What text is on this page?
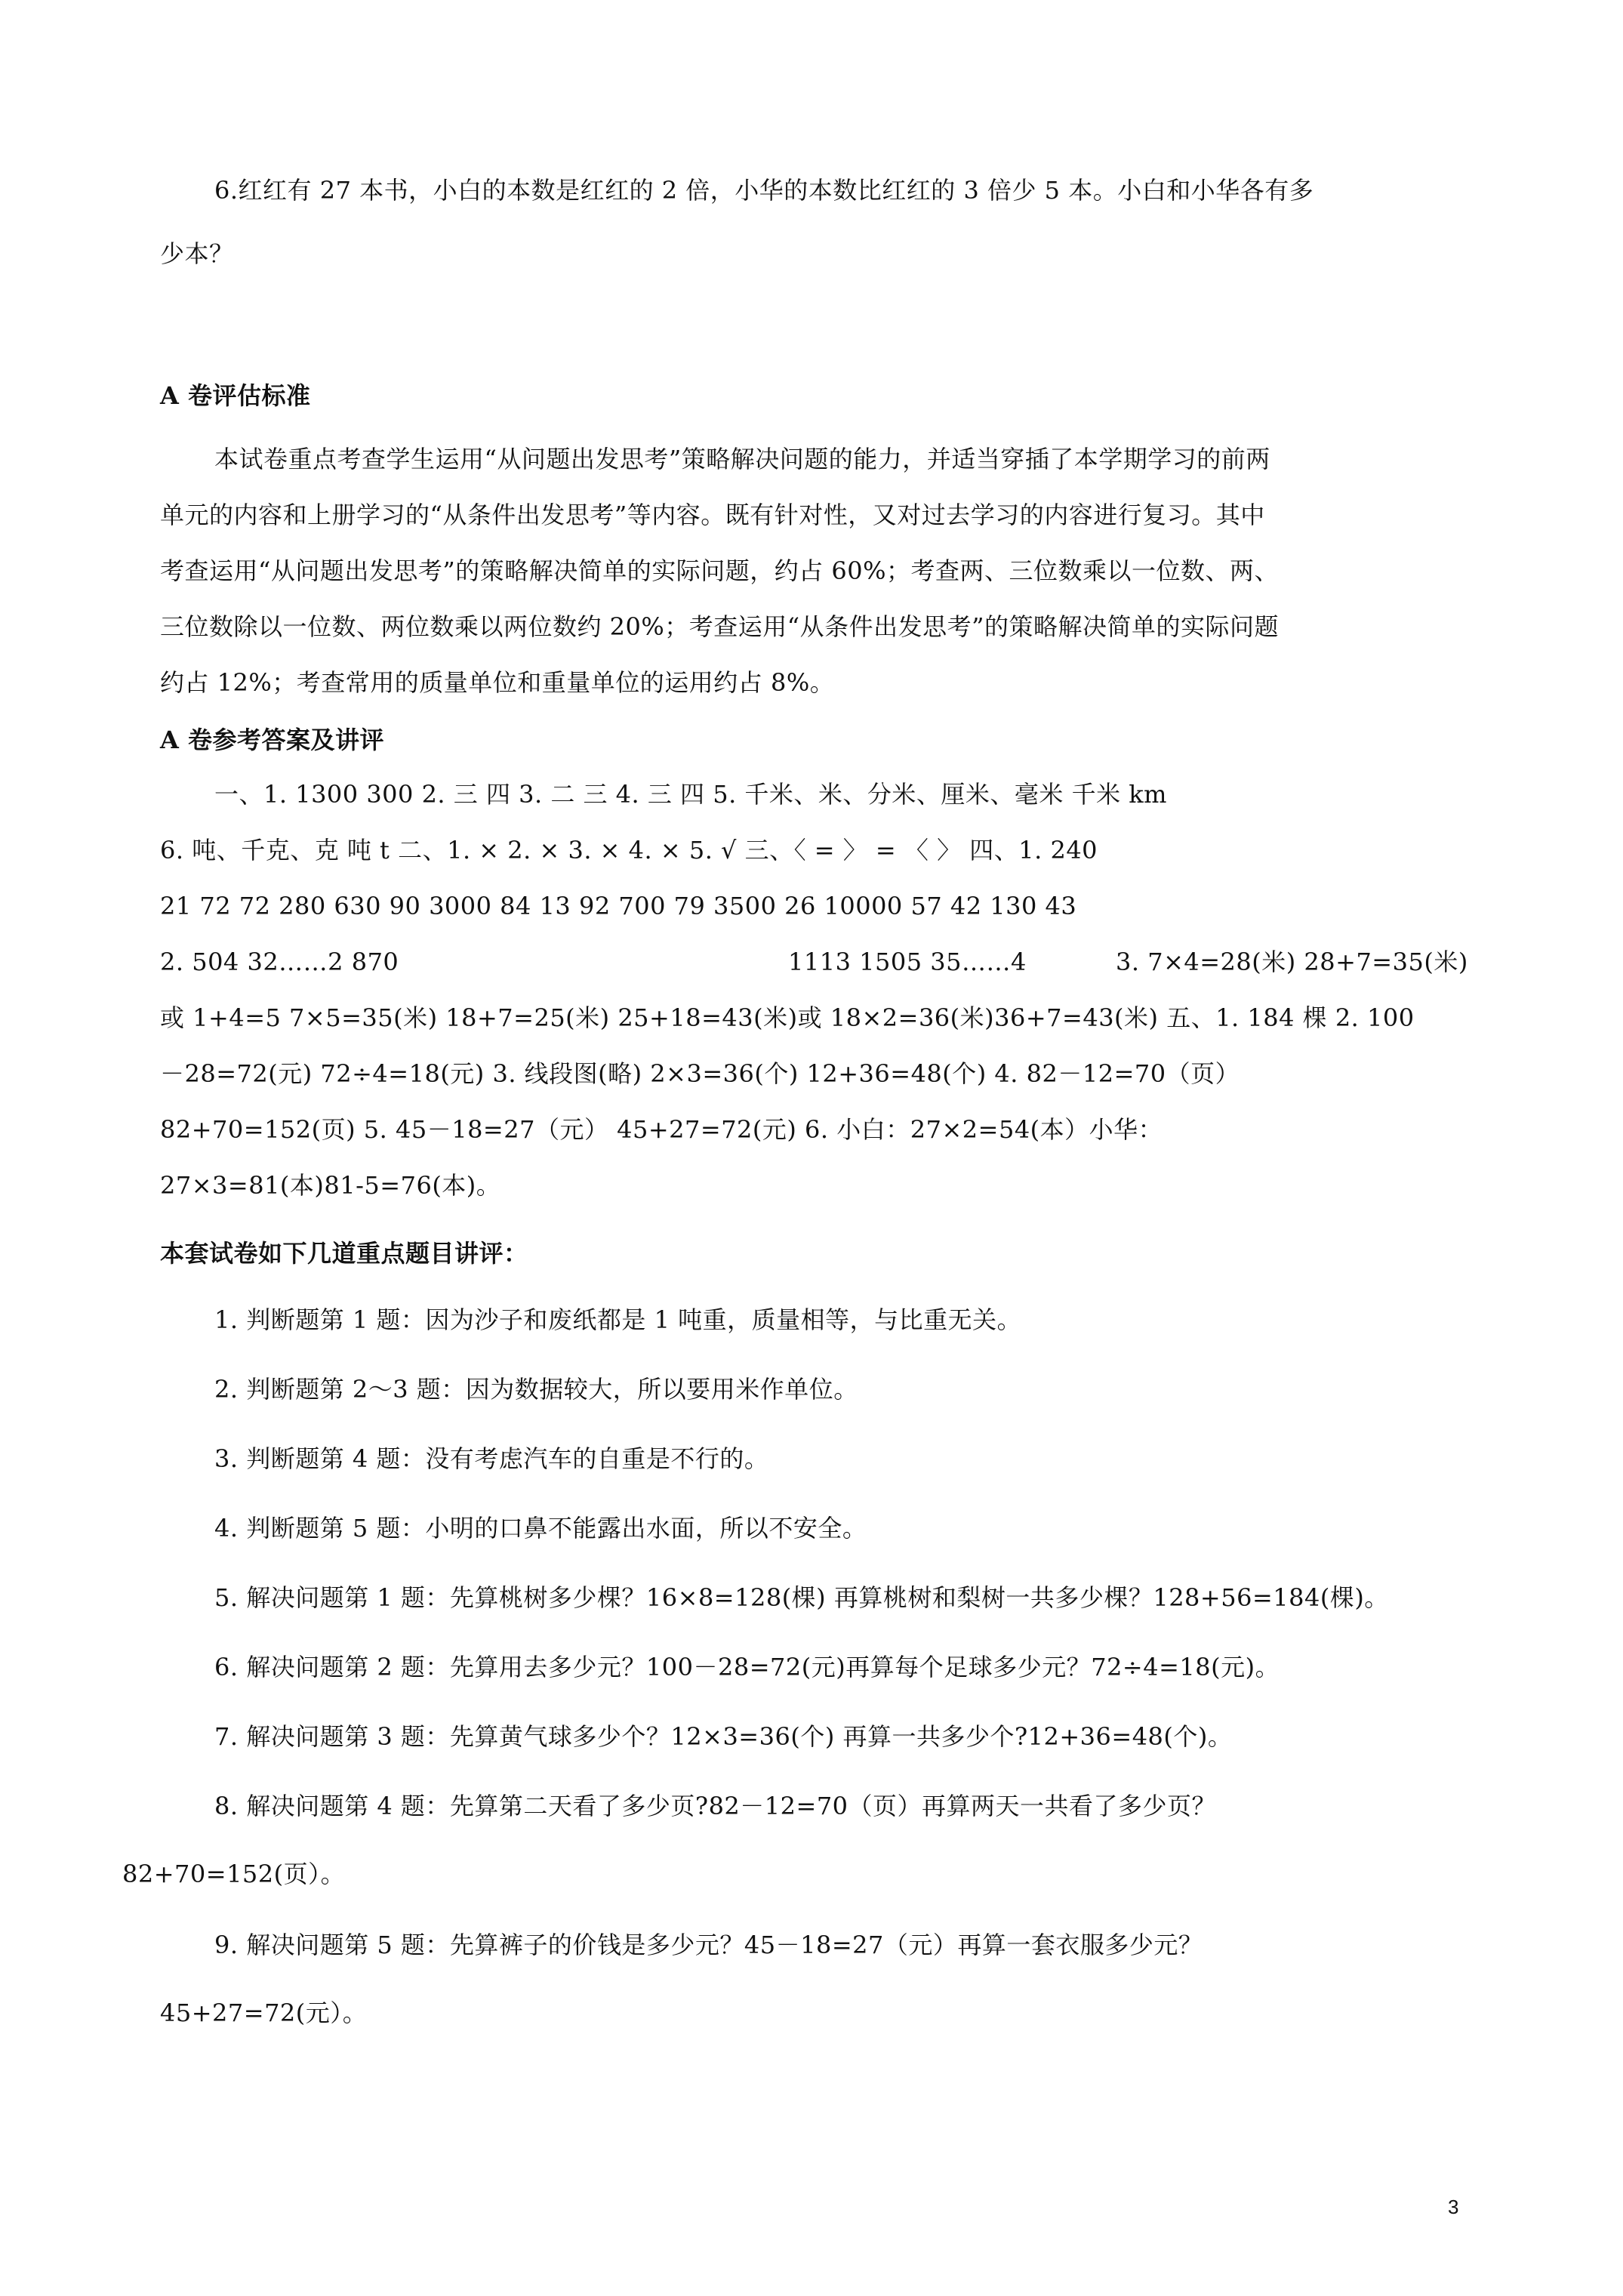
6.红红有 27 本书，小白的本数是红红的 2 倍，小华的本数比红红的 3 倍少 5 本。小白和小华各有多
少本？
A 卷评估标准
本试卷重点考查学生运用“从问题出发思考”策略解决问题的能力，并适当穿插了本学期学习的前两
单元的内容和上册学习的“从条件出发思考”等内容。既有针对性，又对过去学习的内容进行复习。其中
考查运用“从问题出发思考”的策略解决简单的实际问题，约占 60%；考查两、三位数乘以一位数、两、
三位数除以一位数、两位数乘以两位数约 20%；考查运用“从条件出发思考”的策略解决简单的实际问题
约占 12%；考查常用的质量单位和重量单位的运用约占 8%。
A 卷参考答案及讲评
一、1. 1300 300 2. 三 四 3. 二 三 4. 三 四 5. 千米、米、分米、厘米、毫米 千米 km
6. 吨、千克、克 吨 t 二、1. × 2. × 3. × 4. × 5. √ 三、〈 = 〉 = 〈 〉 四、1. 240
21 72 72 280 630 90 3000 84 13 92 700 79 3500 26 10000 57 42 130 43
2. 504 32……2 870	1113 1505 35……4	3. 7×4=28(米) 28+7=35(米)
或 1+4=5 7×5=35(米) 18+7=25(米) 25+18=43(米)或 18×2=36(米)36+7=43(米) 五、1. 184 棵 2. 100
－28=72(元) 72÷4=18(元) 3. 线段图(略) 2×3=36(个) 12+36=48(个) 4. 82－12=70（页）
82+70=152(页) 5. 45－18=27（元） 45+27=72(元) 6. 小白：27×2=54(本）小华：
27×3=81(本)81-5=76(本)。
本套试卷如下几道重点题目讲评：
1. 判断题第 1 题：因为沙子和废纸都是 1 吨重，质量相等，与比重无关。
2. 判断题第 2～3 题：因为数据较大，所以要用米作单位。
3. 判断题第 4 题：没有考虑汽车的自重是不行的。
4. 判断题第 5 题：小明的口鼻不能露出水面，所以不安全。
5. 解决问题第 1 题：先算桃树多少棵？16×8=128(棵) 再算桃树和梨树一共多少棵？128+56=184(棵)。
6. 解决问题第 2 题：先算用去多少元？100－28=72(元)再算每个足球多少元？72÷4=18(元)。
7. 解决问题第 3 题：先算黄气球多少个？12×3=36(个) 再算一共多少个?12+36=48(个)。
8. 解决问题第 4 题：先算第二天看了多少页?82－12=70（页）再算两天一共看了多少页？
82+70=152(页）。
9. 解决问题第 5 题：先算裤子的价钱是多少元？45－18=27（元）再算一套衣服多少元？
45+27=72(元）。
3
